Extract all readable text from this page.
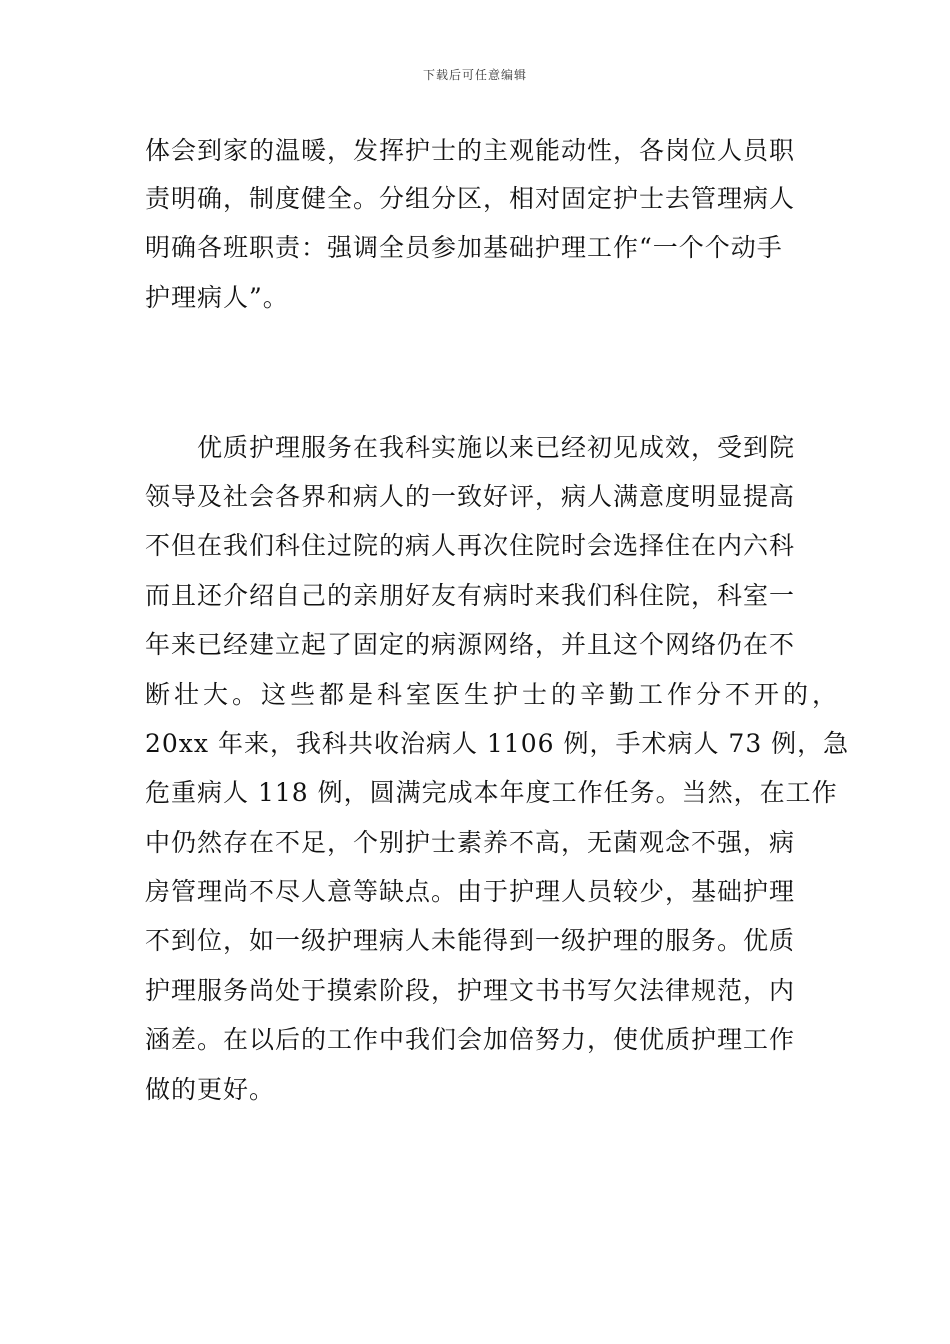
下载后可任意编辑
体会到家的温暖，发挥护士的主观能动性，各岗位人员职
责明确，制度健全。分组分区，相对固定护士去管理病人
明确各班职责：强调全员参加基础护理工作“一个个动手
护理病人”。
优质护理服务在我科实施以来已经初见成效，受到院
领导及社会各界和病人的一致好评，病人满意度明显提高
不但在我们科住过院的病人再次住院时会选择住在内六科
而且还介绍自己的亲朋好友有病时来我们科住院，科室一
年来已经建立起了固定的病源网络，并且这个网络仍在不
断壮大。这些都是科室医生护士的辛勤工作分不开的，
20xx 年来，我科共收治病人 1106 例，手术病人 73 例，急
危重病人 118 例，圆满完成本年度工作任务。当然，在工作
中仍然存在不足，个别护士素养不高，无菌观念不强，病
房管理尚不尽人意等缺点。由于护理人员较少，基础护理
不到位，如一级护理病人未能得到一级护理的服务。优质
护理服务尚处于摸索阶段，护理文书书写欠法律规范，内
涵差。在以后的工作中我们会加倍努力，使优质护理工作
做的更好。
